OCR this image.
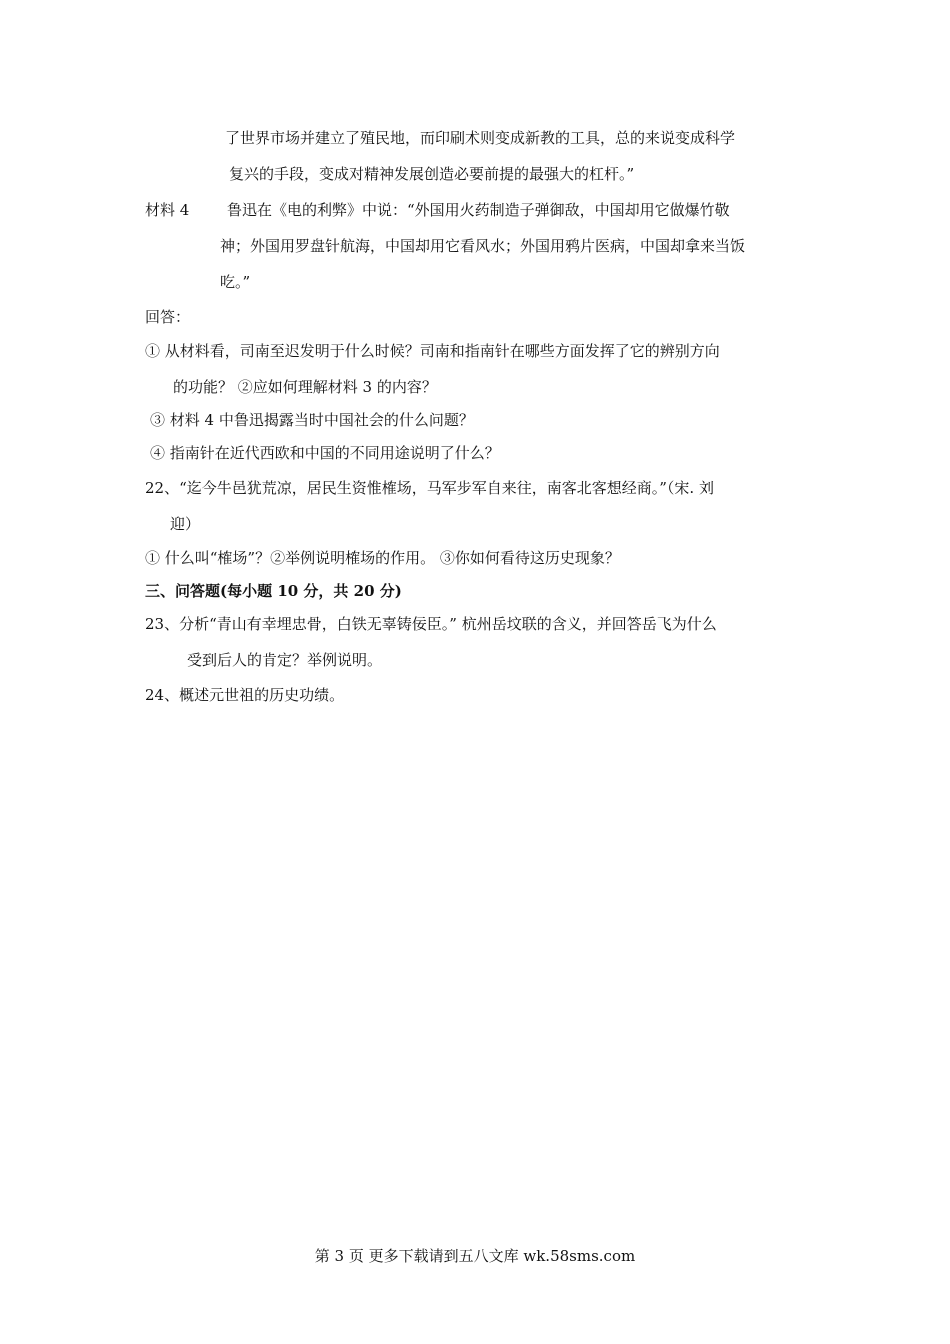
了世界市场并建立了殖民地，而印刷术则变成新教的工具，总的来说变成科学
复兴的手段，变成对精神发展创造必要前提的最强大的杠杆。”
材料 4	鲁迅在《电的利弊》中说：“外国用火药制造子弹御敌，中国却用它做爆竹敬
神；外国用罗盘针航海，中国却用它看风水；外国用鸦片医病，中国却拿来当饭
吃。”
回答：
① 从材料看，司南至迟发明于什么时候？司南和指南针在哪些方面发挥了它的辨别方向
的功能？ ②应如何理解材料 3 的内容？
③ 材料 4 中鲁迅揭露当时中国社会的什么问题？
④ 指南针在近代西欧和中国的不同用途说明了什么？
22、“迄今牛邑犹荒凉，居民生资惟榷场，马军步军自来往，南客北客想经商。”（宋. 刘
迎）
① 什么叫“榷场”？②举例说明榷场的作用。 ③你如何看待这历史现象？
三、问答题(每小题 10 分，共 20 分)
23、分析“青山有幸埋忠骨，白铁无辜铸佞臣。” 杭州岳坟联的含义，并回答岳飞为什么
受到后人的肯定？举例说明。
24、概述元世祖的历史功绩。
第 3 页 更多下载请到五八文库 wk.58sms.com
